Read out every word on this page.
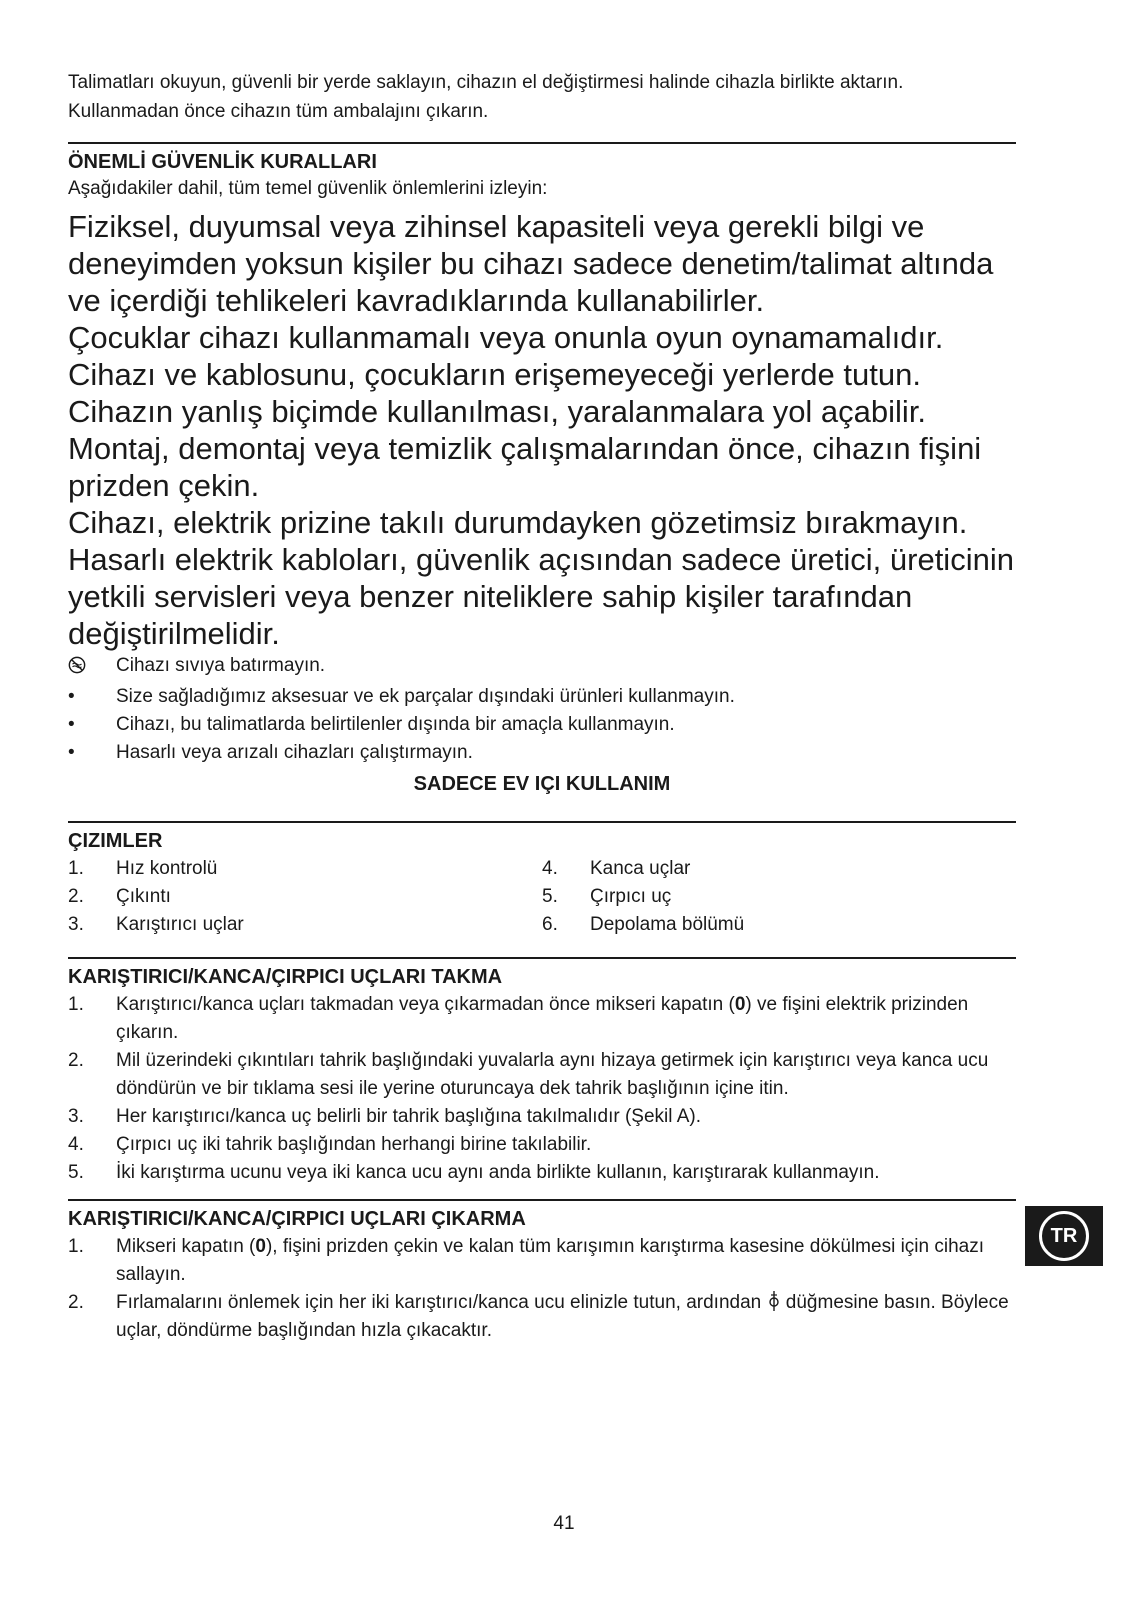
Talimatları okuyun, güvenli bir yerde saklayın, cihazın el değiştirmesi halinde cihazla birlikte aktarın. Kullanmadan önce cihazın tüm ambalajını çıkarın.

ÖNEMLİ GÜVENLİK KURALLARI
Aşağıdakiler dahil, tüm temel güvenlik önlemlerini izleyin:

Fiziksel, duyumsal veya zihinsel kapasiteli veya gerekli bilgi ve deneyimden yoksun kişiler bu cihazı sadece denetim/talimat altında ve içerdiği tehlikeleri kavradıklarında kullanabilirler.

Çocuklar cihazı kullanmamalı veya onunla oyun oynamamalıdır.

Cihazı ve kablosunu, çocukların erişemeyeceği yerlerde tutun.

Cihazın yanlış biçimde kullanılması, yaralanmalara yol açabilir.

Montaj, demontaj veya temizlik çalışmalarından önce, cihazın fişini prizden çekin.

Cihazı, elektrik prizine takılı durumdayken gözetimsiz bırakmayın.

Hasarlı elektrik kabloları, güvenlik açısından sadece üretici, üreticinin yetkili servisleri veya benzer niteliklere sahip kişiler tarafından değiştirilmelidir.

Cihazı sıvıya batırmayın.
•	Size sağladığımız aksesuar ve ek parçalar dışındaki ürünleri kullanmayın.
•	Cihazı, bu talimatlarda belirtilenler dışında bir amaçla kullanmayın.
•	Hasarlı veya arızalı cihazları çalıştırmayın.
SADECE EV IÇI KULLANIM
ÇIZIMLER
1.	Hız kontrolü
2.	Çıkıntı
3.	Karıştırıcı uçlar
4.	Kanca uçlar
5.	Çırpıcı uç
6.	Depolama bölümü
KARIŞTIRICI/KANCA/ÇIRPICI UÇLARI TAKMA
1.	Karıştırıcı/kanca uçları takmadan veya çıkarmadan önce mikseri kapatın (0) ve fişini elektrik prizinden çıkarın.
2.	Mil üzerindeki çıkıntıları tahrik başlığındaki yuvalarla aynı hizaya getirmek için karıştırıcı veya kanca ucu döndürün ve bir tıklama sesi ile yerine oturuncaya dek tahrik başlığının içine itin.
3.	Her karıştırıcı/kanca uç belirli bir tahrik başlığına takılmalıdır (Şekil A).
4.	Çırpıcı uç iki tahrik başlığından herhangi birine takılabilir.
5.	İki karıştırma ucunu veya iki kanca ucu aynı anda birlikte kullanın, karıştırarak kullanmayın.
KARIŞTIRICI/KANCA/ÇIRPICI UÇLARI ÇIKARMA
1.	Mikseri kapatın (0), fişini prizden çekin ve kalan tüm karışımın karıştırma kasesine dökülmesi için cihazı sallayın.
2.	Fırlamalarını önlemek için her iki karıştırıcı/kanca ucu elinizle tutun, ardından  düğmesine basın. Böylece uçlar, döndürme başlığından hızla çıkacaktır.
TR
41
